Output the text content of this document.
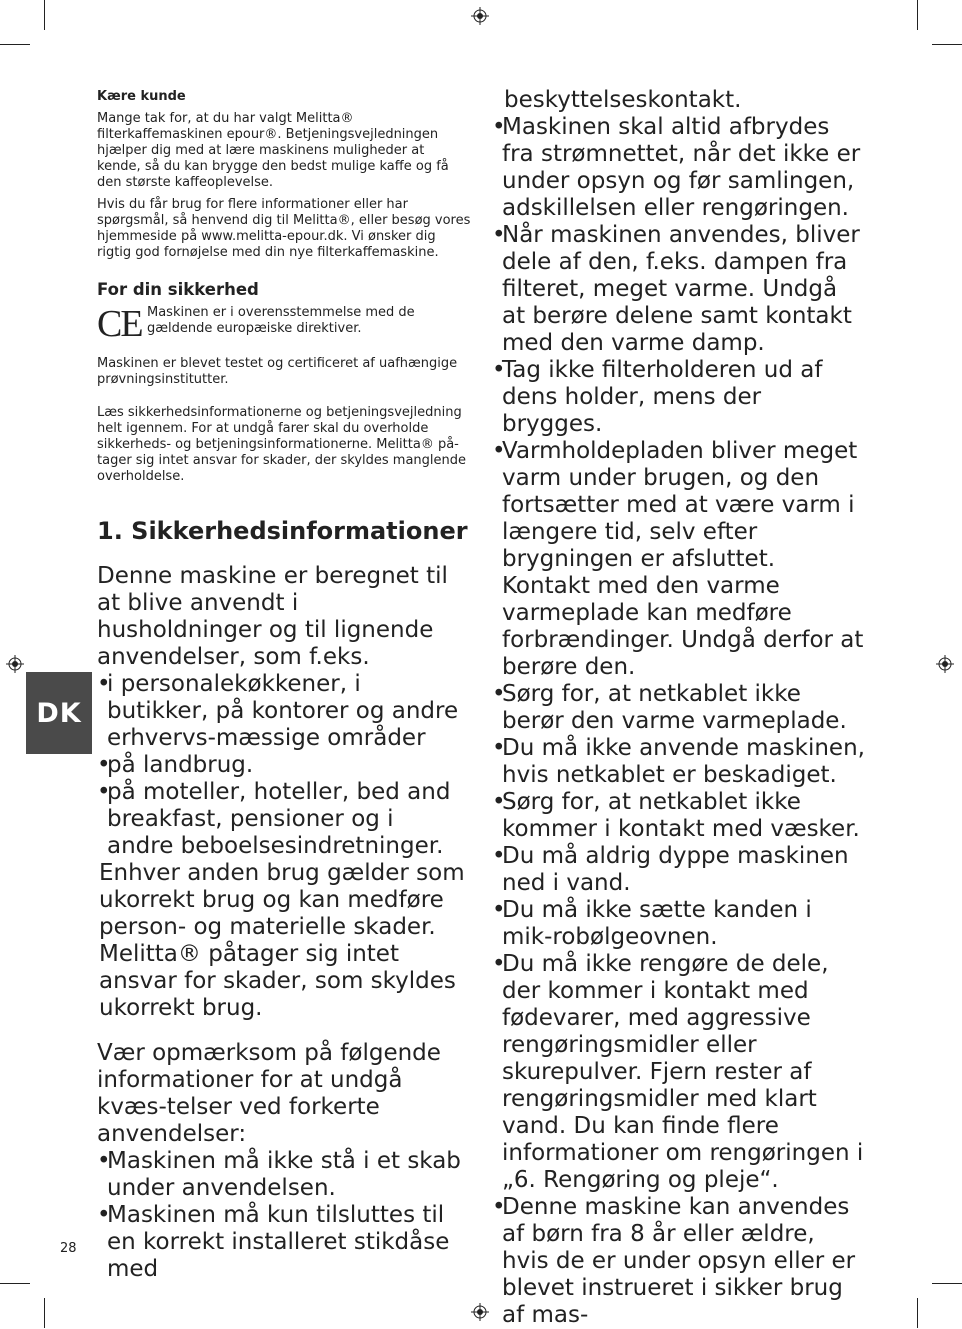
DK

Kære kunde

Mange tak for, at du har valgt Melitta® filterkaffemaskinen epour®. Betjeningsvejledningen hjælper dig med at lære maskinens muligheder at kende, så du kan brygge den bedst mulige kaffe og få den største kaffeoplevelse.

Hvis du får brug for flere informationer eller har spørgsmål, så henvend dig til Melitta®, eller besøg vores hjemmeside på www.melitta-epour.dk. Vi ønsker dig rigtig god fornøjelse med din nye filterkaffemaskine.

For din sikkerhed
CE Maskinen er i overensstemmelse med de gældende europæiske direktiver.

Maskinen er blevet testet og certificeret af uafhængige prøvningsinstitutter.

Læs sikkerhedsinformationerne og betjeningsvejledning helt igennem. For at undgå farer skal du overholde sikkerheds- og betjeningsinformationerne. Melitta® på-tager sig intet ansvar for skader, der skyldes manglende overholdelse.

1. Sikkerhedsinformationer

Denne maskine er beregnet til at blive anvendt i husholdninger og til lignende anvendelser, som f.eks.

•
i personalekøkkener, i butikker, på kontorer og andre erhvervs-mæssige områder
•
på landbrug.
•
på moteller, hoteller, bed and breakfast, pensioner og i andre beboelsesindretninger.

Enhver anden brug gælder som ukorrekt brug og kan medføre person- og materielle skader. Melitta® påtager sig intet ansvar for skader, som skyldes ukorrekt brug.

Vær opmærksom på følgende informationer for at undgå kvæs-telser ved forkerte anvendelser:

•
Maskinen må ikke stå i et skab under anvendelsen.
•
Maskinen må kun tilsluttes til en korrekt installeret stikdåse med

beskyttelseskontakt.

•
Maskinen skal altid afbrydes fra strømnettet, når det ikke er under opsyn og før samlingen, adskillelsen eller rengøringen.
•
Når maskinen anvendes, bliver dele af den, f.eks. dampen fra filteret, meget varme. Undgå at berøre delene samt kontakt med den varme damp.
•
Tag ikke filterholderen ud af dens holder, mens der brygges.
•
Varmholdepladen bliver meget varm under brugen, og den fortsætter med at være varm i længere tid, selv efter brygningen er afsluttet. Kontakt med den varme varmeplade kan medføre forbrændinger. Undgå derfor at berøre den.
•
Sørg for, at netkablet ikke berør den varme varmeplade.
•
Du må ikke anvende maskinen, hvis netkablet er beskadiget.
•
Sørg for, at netkablet ikke kommer i kontakt med væsker.
•
Du må aldrig dyppe maskinen ned i vand.
•
Du må ikke sætte kanden i mik-robølgeovnen.
•
Du må ikke rengøre de dele, der kommer i kontakt med fødevarer, med aggressive rengøringsmidler eller skurepulver. Fjern rester af rengøringsmidler med klart vand. Du kan finde flere informationer om rengøringen i „6. Rengøring og pleje“.
•
Denne maskine kan anvendes af børn fra 8 år eller ældre, hvis de er under opsyn eller er blevet instrueret i sikker brug af mas-
28
